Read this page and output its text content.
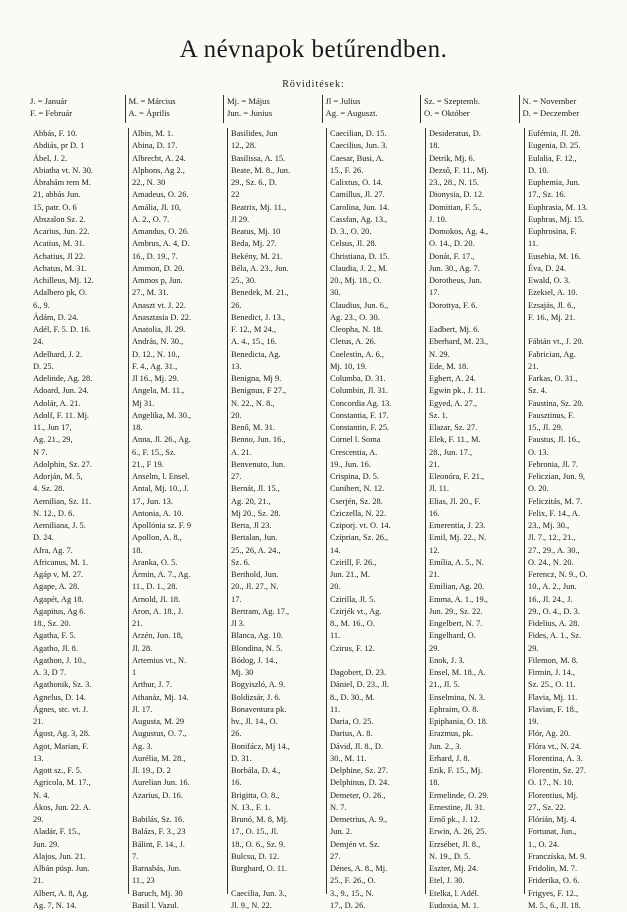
A névnapok betűrendben.
Röviditések:
J. = Január
F. = Február
M. = Március
A. = Április
Mj. = Május
Jun. = Junius
Jl = Julius
Ag. = Auguszt.
Sz. = Szeptemb.
O. = Október
N. = November
D. = Deczember
Abbás, F. 10.
Abdiás, pr D. 1
Ábel, J. 2.
Abiatha vt. N. 30.
Ábrahám rem M.
21, abbás Jun.
15, patr. O. 6
Abszalon Sz. 2.
Acarius, Jun. 22.
Acatius, M. 31.
Achatius, Jl 22.
Achatus, M. 31.
Achilleus, Mj. 12.
Adalbero pk, O.
6., 9.
Ádám, D. 24.
Adél, F. 5. D. 16.
24.
Adelhard, J. 2.
D. 25.
Adelinde, Ag. 28.
Adoard, Jun. 24.
Adolár, A. 21.
Adolf, F. 11. Mj.
11., Jun 17,
Ag. 21., 29,
N 7.
Adolphin, Sz. 27.
Adorján, M. 5,
4. Sz. 28.
Aemilian, Sz. 11.
N. 12., D. 6.
Aemiliana, J. 5.
D. 24.
Afra, Ag. 7.
Africanus, M. 1.
Agáp v, M. 27.
Agape, A. 28.
Agapét, Ag 18.
Agapitus, Ag 6.
18., Sz. 20.
Agatha, F. 5.
Agatho, Jl. 8.
Agathon, J. 10.,
A. 3, D 7.
Agathonik, Sz. 3.
Agnelus, D. 14.
Ágnes, stc. vt. J.
21.
Ágost, Ag. 3, 28.
Agot, Marian, F.
13.
Agott sz., F. 5.
Agricola, M. 17.,
N. 4.
Ákos, Jun. 22. A.
29.
Aladár, F. 15.,
Jun. 29.
Alajos, Jun. 21.
Albán püsp. Jun.
21.
Albert, A. 8, Ag.
Ag. 7, N. 14.
Albin, M. 1.
Abina, D. 17.
Albrecht, A. 24.
Alphons, Ag 2.,
22., N. 30
Amadeus, O. 26.
Amália, Jl. 10,
A. 2., O. 7.
Amandus, O. 26.
Ambrus, A. 4, D.
16., D. 19., 7.
Ammon, D. 20.
Ammos p, Jun.
27., M. 31.
Anaszt vt. J. 22.
Anasztasia D. 22.
Anatolia, Jl. 29.
András, N. 30.,
D. 12., N. 10.,
F. 4., Ag. 31.,
Jl 16., Mj. 29.
Angela, M. 11.,
Mj 31.
Angelika, M. 30.,
18.
Anna, Jl. 26., Ag.
6., F. 15., Sz.
21., F 19.
Anselm, l. Ensel.
Antal, Mj. 10., J.
17., Jun. 13.
Antonia, A. 10.
Apollónia sz. F. 9
Apollon, A. 8.,
18.
Aranka, O. 5.
Ármin, A. 7., Ag.
11., D. 1., 28.
Arnold, Jl. 18.
Aron, A. 18., J.
21.
Arzén, Jun. 18,
Jl. 28.
Artemius vt., N.
1
Arthur, J. 7.
Athanáz, Mj. 14.
Jl. 17.
Augusta, M. 29
Augustus, O. 7.,
Ag. 3.
Aurélia, M. 28.,
Jl. 19., D. 2
Aurelian Jun. 16.
Azarius, D. 16.

Babilás, Sz. 16.
Balázs, F. 3., 23
Bálint, F. 14., J.
7.
Barnabás, Jun.
11., 23
Baruch, Mj. 30
Basil l. Vazul.
Basilides, Jun
12., 28.
Basilissa, A. 15.
Beate, M. 8., Jun.
29., Sz. 6., D.
22
Beatrix, Mj. 11.,
Jl 29.
Beatus, Mj. 10
Beda, Mj. 27.
Bekény, M. 21.
Béla, A. 23., Jun.
25., 30.
Benedek, M. 21.,
26.
Benedict, J. 13.,
F. 12., M 24.,
A. 4., 15., 16.
Benedicta, Ag.
13.
Benigna, Mj 9.
Benignus, F 27.,
N. 22., N. 8.,
20.
Benő, M. 31.
Benno, Jun. 16.,
A. 21.
Benvenuto, Jun.
27.
Bernát, Jl. 15.,
Ag. 20, 21.,
Mj 20., Sz. 28.
Berta, Jl 23.
Bertalan, Jun.
25., 26, A. 24.,
Sz. 6.
Berthold, Jun.
20., Jl. 27., N.
17.
Bertram, Ag. 17.,
Jl 3.
Blanca, Ag. 10.
Blondina, N. 5.
Bódog, J. 14.,
Mj. 30
Bogyiszló, A. 9.
Boldizsár, J. 6.
Bonaventura pk.
hv., Jl. 14., O.
26.
Bonifácz, Mj 14.,
D. 31.
Borbála, D. 4.,
16.
Brigitta, O. 8.,
N. 13., F. 1.
Brunó, M. 8, Mj.
17., O. 15., Jl.
18., O. 6., Sz. 9.
Bulcsu, D. 12.
Burghard, O. 11.

Caecilia, Jun. 3.,
Jl. 9., N. 22.
Caecilian, D. 15.
Caecilius, Jun. 3.
Caesar, Busi, A.
15., F. 26.
Calixtus, O. 14.
Camillus, Jl. 27.
Carolina, Jun. 14.
Cassfan, Ag. 13.,
D. 3., O. 20.
Celsus, Jl. 28.
Christiana, D. 15.
Claudia, J. 2., M.
20., Mj. 18., O.
30.
Claudius, Jun. 6.,
Ag. 23., O. 30.
Cleopha, N. 18.
Cletus, A. 26.
Coelestin, A. 6.,
Mj. 10, 19.
Columba, D. 31.
Columbin, Jl. 31.
Concordia Ag. 13.
Constantia, F. 17.
Constantin, F. 25.
Cornel l. Soma
Crescentia, A.
19., Jun. 16.
Crispina, D. 5.
Cunibert, N. 12.
Cserjén, Sz. 28.
Cziczella, N. 22.
Cziporj. vt. O. 14.
Czíprian, Sz. 26.,
14.
Czirill, F. 26.,
Jun. 21., M.
20.
Czirilla, Jl. 5.
Czirjék vt., Ag.
8., M. 16., O.
11.
Czirus, F. 12.

Dagobert, D. 23.
Dániel, D. 23., Jl.
8., D. 30., M.
11.
Daria, O. 25.
Darius, A. 8.
Dávid, Jl. 8., D.
30., M. 11.
Delphine, Sz. 27.
Delphinus, D. 24.
Demeter, O. 26.,
N. 7.
Demetrius, A. 9.,
Jun. 2.
Demjén vt. Sz.
27.
Dénes, A. 8., Mj.
25., F. 26., O.
3., 9., 15., N.
17., D. 26.
Desideratus, D.
18.
Detrik, Mj. 6.
Dezső, F. 11., Mj.
23., 28., N. 15.
Dionysia, D. 12.
Domitian, F. 5.,
J. 10.
Domokos, Ag. 4.,
O. 14., D. 20.
Donát, F. 17.,
Jun. 30., Ag. 7.
Dorotheus, Jun.
17.
Dorottya, F. 6.

Eadbert, Mj. 6.
Eberhard, M. 23.,
N. 29.
Ede, M. 18.
Egbert, A. 24.
Egwin pk., J. 11.
Egyed, A. 27.,
Sz. 1.
Elazar, Sz. 27.
Elek, F. 11., M.
28., Jun. 17.,
21.
Eleonóra, F. 21.,
Jl. 11.
Elias, Jl. 20., F.
16.
Emerentia, J. 23.
Emil, Mj. 22., N.
12.
Emília, A. 5., N.
21.
Emilian, Ag. 20.
Emma, A. 1., 19.,
Jun. 29., Sz. 22.
Engelbert, N. 7.
Engelhard, O.
29.
Enok, J. 3.
Ensel, M. 18., A.
21., Jl. 5.
Enselmina, N. 3.
Ephraim, O. 8.
Epiphania, O. 18.
Erazmus, pk.
Jun. 2., 3.
Erhard, J. 8.
Erik, F. 15., Mj.
18.
Ermelinde, O. 29.
Ernestine, Jl. 31.
Ernő pk., J. 12.
Erwin, A. 26, 25.
Erzsébet, Jl. 8.,
N. 19., D. 5.
Eszter, Mj. 24.
Etel, J. 30.
Etelka, l. Adél.
Eudoxia, M. 1.
Eufémia, Jl. 28.
Eugenia, D. 25.
Eulalia, F. 12.,
D. 10.
Euphemia, Jun.
17., Sz. 16.
Euphrasia, M. 13.
Euphras, Mj. 15.
Euphrosina, F.
11.
Eusebia, M. 16.
Éva, D. 24.
Ewald, O. 3.
Ezekiel, A. 10.
Ezsajás, Jl. 6.,
F. 16., Mj. 21.

Fábián vt., J. 20.
Fabrician, Ag.
21.
Farkas, O. 31.,
Sz. 4.
Faustina, Sz. 20.
Fausztinus, F.
15., Jl. 29.
Faustus, Jl. 16.,
O. 13.
Febronia, Jl. 7.
Feliczian, Jun. 9,
O. 20.
Feliczitás, M. 7.
Felix, F. 14., A.
23., Mj. 30.,
Jl. 7., 12., 21.,
27., 29., A. 30.,
O. 24., N. 20.
Ferencz, N. 9., O.
10., A. 2., Jun.
16., Jl. 24., J.
29., O. 4., D. 3.
Fidelius, A. 28.
Fides, A. 1., Sz.
29.
Filemon, M. 8.
Firmin, J. 14.,
Sz. 25., O. 11.
Flavia, Mj. 11.
Flavian, F. 18.,
19.
Flór, Ag. 20.
Flóra vt., N. 24.
Florentina, A. 3.
Florentin, Sz. 27.
O. 17., N. 10.
Florentius, Mj.
27., Sz. 22.
Flórián, Mj. 4.
Fortunat, Jun.,
1., O. 24.
Franczíska, M. 9.
Fridolin, M. 7.
Friderika, O. 6.
Frigyes, F. 12.,
M. 5., 6., Jl. 18.
